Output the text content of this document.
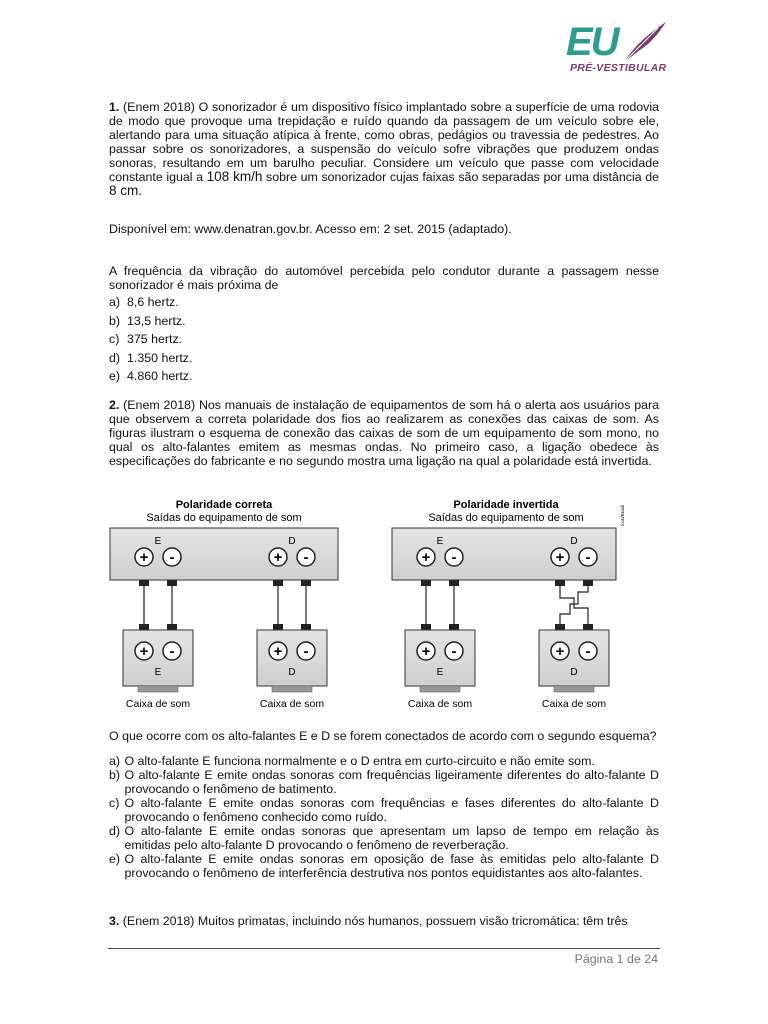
EU
PRÉ-VESTIBULAR
1. (Enem 2018) O sonorizador é um dispositivo físico implantado sobre a superfície de uma rodovia de modo que provoque uma trepidação e ruído quando da passagem de um veículo sobre ele, alertando para uma situação atípica à frente, como obras, pedágios ou travessia de pedestres. Ao passar sobre os sonorizadores, a suspensão do veículo sofre vibrações que produzem ondas sonoras, resultando em um barulho peculiar. Considere um veículo que passe com velocidade constante igual a 108 km/h sobre um sonorizador cujas faixas são separadas por uma distância de 8 cm.
Disponível em: www.denatran.gov.br. Acesso em: 2 set. 2015 (adaptado).
A frequência da vibração do automóvel percebida pelo condutor durante a passagem nesse sonorizador é mais próxima de
a) 8,6 hertz.
b) 13,5 hertz.
c) 375 hertz.
d) 1.350 hertz.
e) 4.860 hertz.
2. (Enem 2018) Nos manuais de instalação de equipamentos de som há o alerta aos usuários para que observem a correta polaridade dos fios ao realizarem as conexões das caixas de som. As figuras ilustram o esquema de conexão das caixas de som de um equipamento de som mono, no qual os alto-falantes emitem as mesmas ondas. No primeiro caso, a ligação obedece às especificações do fabricante e no segundo mostra uma ligação na qual a polaridade está invertida.
Polaridade correta
Saídas do equipamento de som
E	D
+ -	+ -
+ -
E
Caixa de som
+ -
D
Caixa de som
Polaridade invertida
Saídas do equipamento de som	Icon/Brasil
E	D
+ -	+ -
+ -
E
Caixa de som
+ -
D
Caixa de som
O que ocorre com os alto-falantes E e D se forem conectados de acordo com o segundo esquema?
a)
O alto-falante E funciona normalmente e o D entra em curto-circuito e não emite som.
b)
O alto-falante E emite ondas sonoras com frequências ligeiramente diferentes do alto-falante D provocando o fenômeno de batimento.
c)
O alto-falante E emite ondas sonoras com frequências e fases diferentes do alto-falante D provocando o fenômeno conhecido como ruído.
d)
O alto-falante E emite ondas sonoras que apresentam um lapso de tempo em relação às emitidas pelo alto-falante D provocando o fenômeno de reverberação.
e)
O alto-falante E emite ondas sonoras em oposição de fase às emitidas pelo alto-falante D provocando o fenômeno de interferência destrutiva nos pontos equidistantes aos alto-falantes.
3. (Enem 2018) Muitos primatas, incluindo nós humanos, possuem visão tricromática: têm três
Página 1 de 24
